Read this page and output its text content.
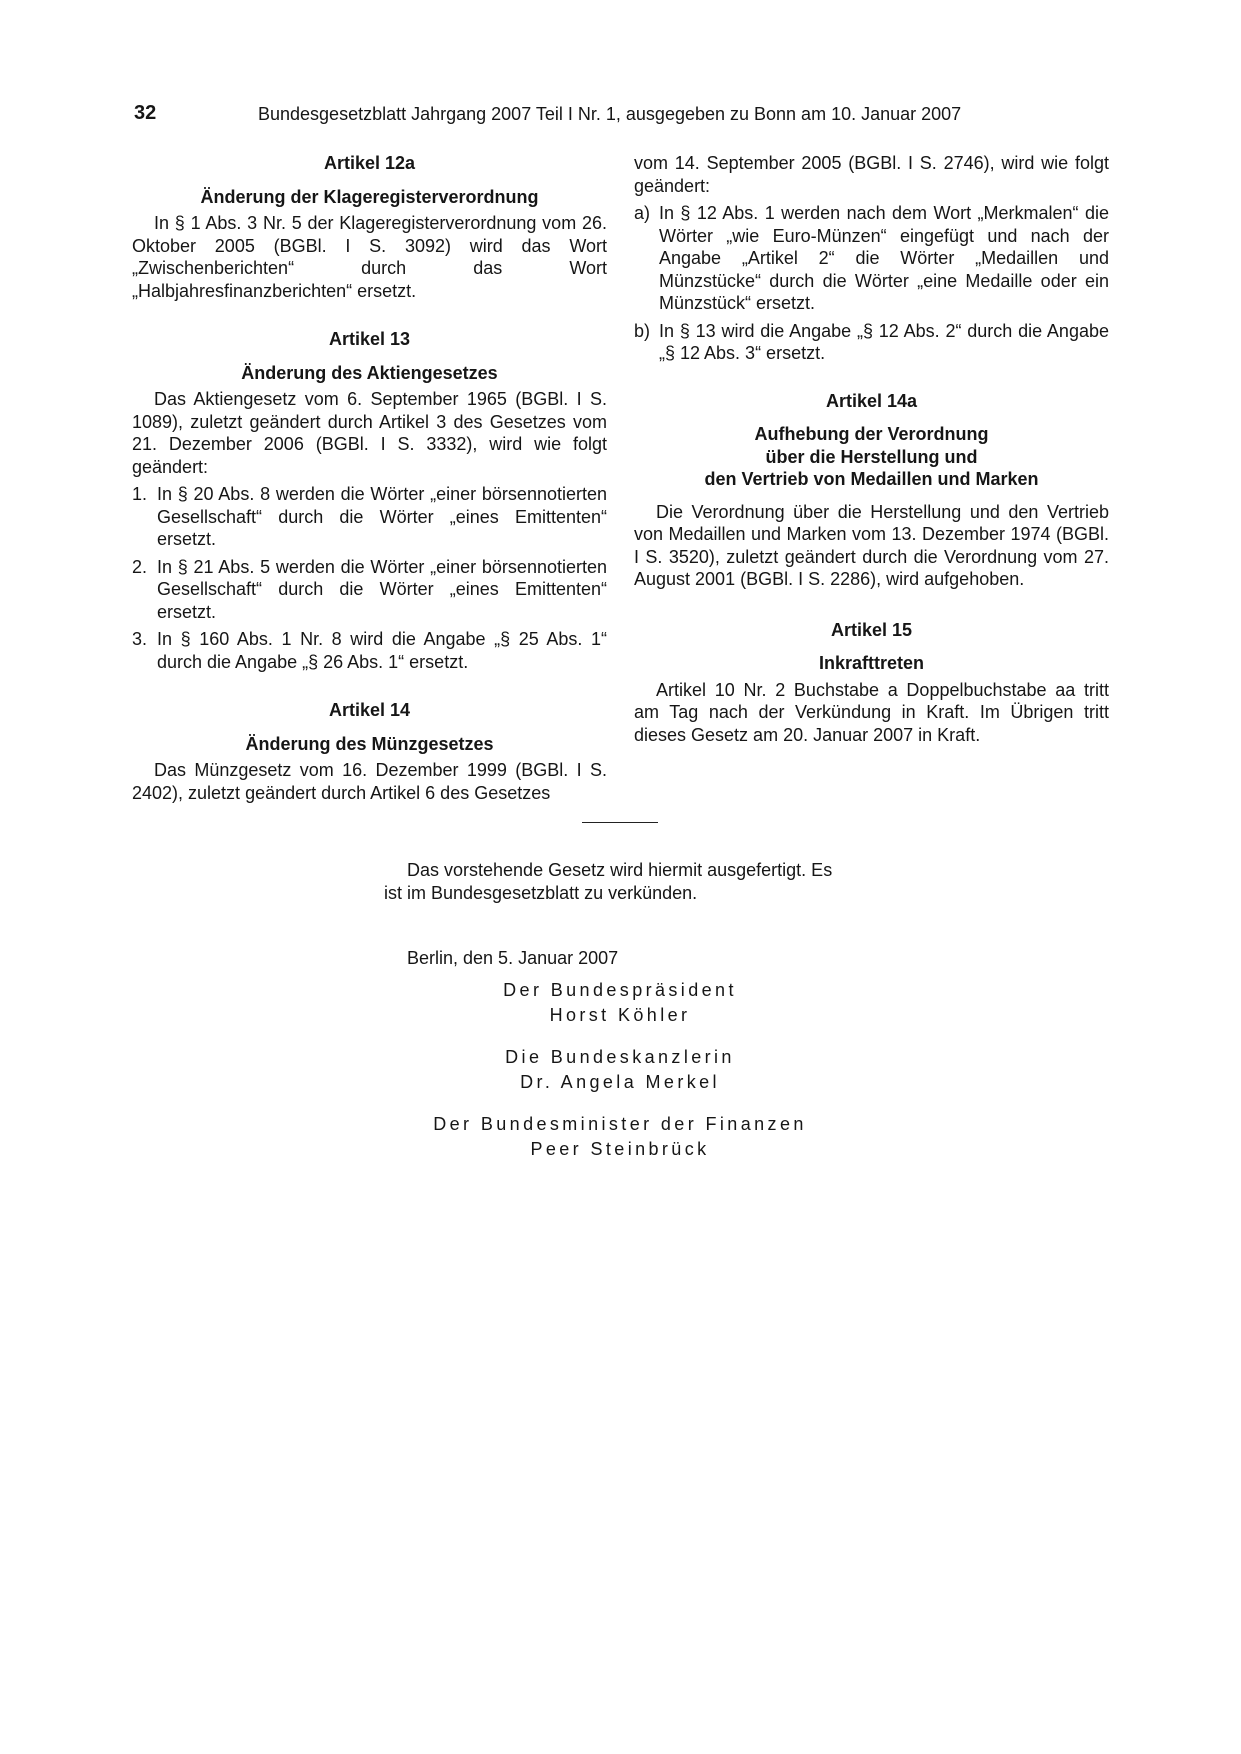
32	Bundesgesetzblatt Jahrgang 2007 Teil I Nr. 1, ausgegeben zu Bonn am 10. Januar 2007

Artikel 12a

Änderung der Klageregisterverordnung

In § 1 Abs. 3 Nr. 5 der Klageregisterverordnung vom 26. Oktober 2005 (BGBl. I S. 3092) wird das Wort „Zwischenberichten“ durch das Wort „Halbjahresfinanzberichten“ ersetzt.

Artikel 13

Änderung des Aktiengesetzes

Das Aktiengesetz vom 6. September 1965 (BGBl. I S. 1089), zuletzt geändert durch Artikel 3 des Gesetzes vom 21. Dezember 2006 (BGBl. I S. 3332), wird wie folgt geändert:

1. In § 20 Abs. 8 werden die Wörter „einer börsennotierten Gesellschaft“ durch die Wörter „eines Emittenten“ ersetzt.
2. In § 21 Abs. 5 werden die Wörter „einer börsennotierten Gesellschaft“ durch die Wörter „eines Emittenten“ ersetzt.
3. In § 160 Abs. 1 Nr. 8 wird die Angabe „§ 25 Abs. 1“ durch die Angabe „§ 26 Abs. 1“ ersetzt.

Artikel 14

Änderung des Münzgesetzes

Das Münzgesetz vom 16. Dezember 1999 (BGBl. I S. 2402), zuletzt geändert durch Artikel 6 des Gesetzes

vom 14. September 2005 (BGBl. I S. 2746), wird wie folgt geändert:

a) In § 12 Abs. 1 werden nach dem Wort „Merkmalen“ die Wörter „wie Euro-Münzen“ eingefügt und nach der Angabe „Artikel 2“ die Wörter „Medaillen und Münzstücke“ durch die Wörter „eine Medaille oder ein Münzstück“ ersetzt.
b) In § 13 wird die Angabe „§ 12 Abs. 2“ durch die Angabe „§ 12 Abs. 3“ ersetzt.

Artikel 14a

Aufhebung der Verordnung
über die Herstellung und
den Vertrieb von Medaillen und Marken

Die Verordnung über die Herstellung und den Vertrieb von Medaillen und Marken vom 13. Dezember 1974 (BGBl. I S. 3520), zuletzt geändert durch die Verordnung vom 27. August 2001 (BGBl. I S. 2286), wird aufgehoben.

Artikel 15

Inkrafttreten

Artikel 10 Nr. 2 Buchstabe a Doppelbuchstabe aa tritt am Tag nach der Verkündung in Kraft. Im Übrigen tritt dieses Gesetz am 20. Januar 2007 in Kraft.

Das vorstehende Gesetz wird hiermit ausgefertigt. Es
ist im Bundesgesetzblatt zu verkünden.
Berlin, den 5. Januar 2007
Der Bundespräsident
Horst Köhler
Die Bundeskanzlerin
Dr. Angela Merkel
Der Bundesminister der Finanzen
Peer Steinbrück
